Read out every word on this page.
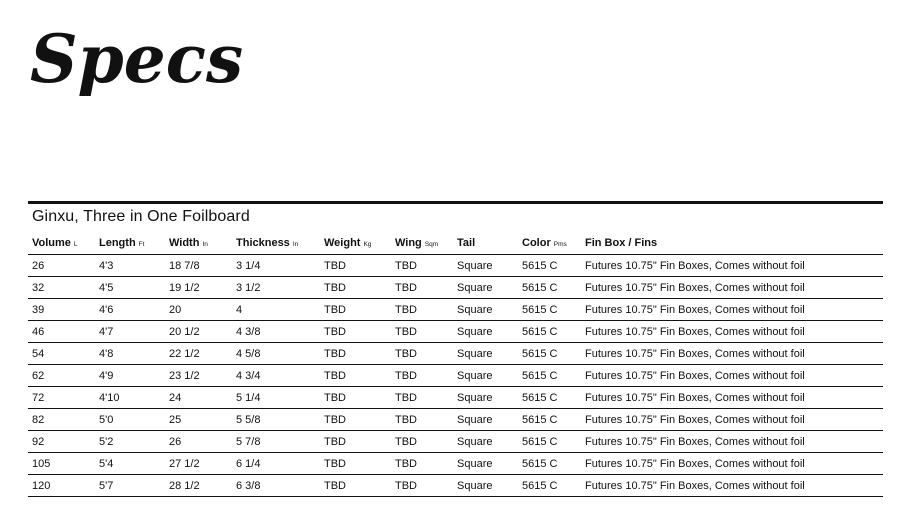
Specs
Ginxu, Three in One Foilboard
Volume L	Length Ft	Width In	Thickness In	Weight Kg	Wing Sqm	Tail	Color Pms	Fin Box / Fins
26	4'3	18 7/8	3 1/4	TBD	TBD	Square	5615 C	Futures 10.75" Fin Boxes, Comes without foil
32	4'5	19 1/2	3 1/2	TBD	TBD	Square	5615 C	Futures 10.75" Fin Boxes, Comes without foil
39	4'6	20	4	TBD	TBD	Square	5615 C	Futures 10.75" Fin Boxes, Comes without foil
46	4'7	20 1/2	4 3/8	TBD	TBD	Square	5615 C	Futures 10.75" Fin Boxes, Comes without foil
54	4'8	22 1/2	4 5/8	TBD	TBD	Square	5615 C	Futures 10.75" Fin Boxes, Comes without foil
62	4'9	23 1/2	4 3/4	TBD	TBD	Square	5615 C	Futures 10.75" Fin Boxes, Comes without foil
72	4'10	24	5 1/4	TBD	TBD	Square	5615 C	Futures 10.75" Fin Boxes, Comes without foil
82	5'0	25	5 5/8	TBD	TBD	Square	5615 C	Futures 10.75" Fin Boxes, Comes without foil
92	5'2	26	5 7/8	TBD	TBD	Square	5615 C	Futures 10.75" Fin Boxes, Comes without foil
105	5'4	27 1/2	6 1/4	TBD	TBD	Square	5615 C	Futures 10.75" Fin Boxes, Comes without foil
120	5'7	28 1/2	6 3/8	TBD	TBD	Square	5615 C	Futures 10.75" Fin Boxes, Comes without foil
